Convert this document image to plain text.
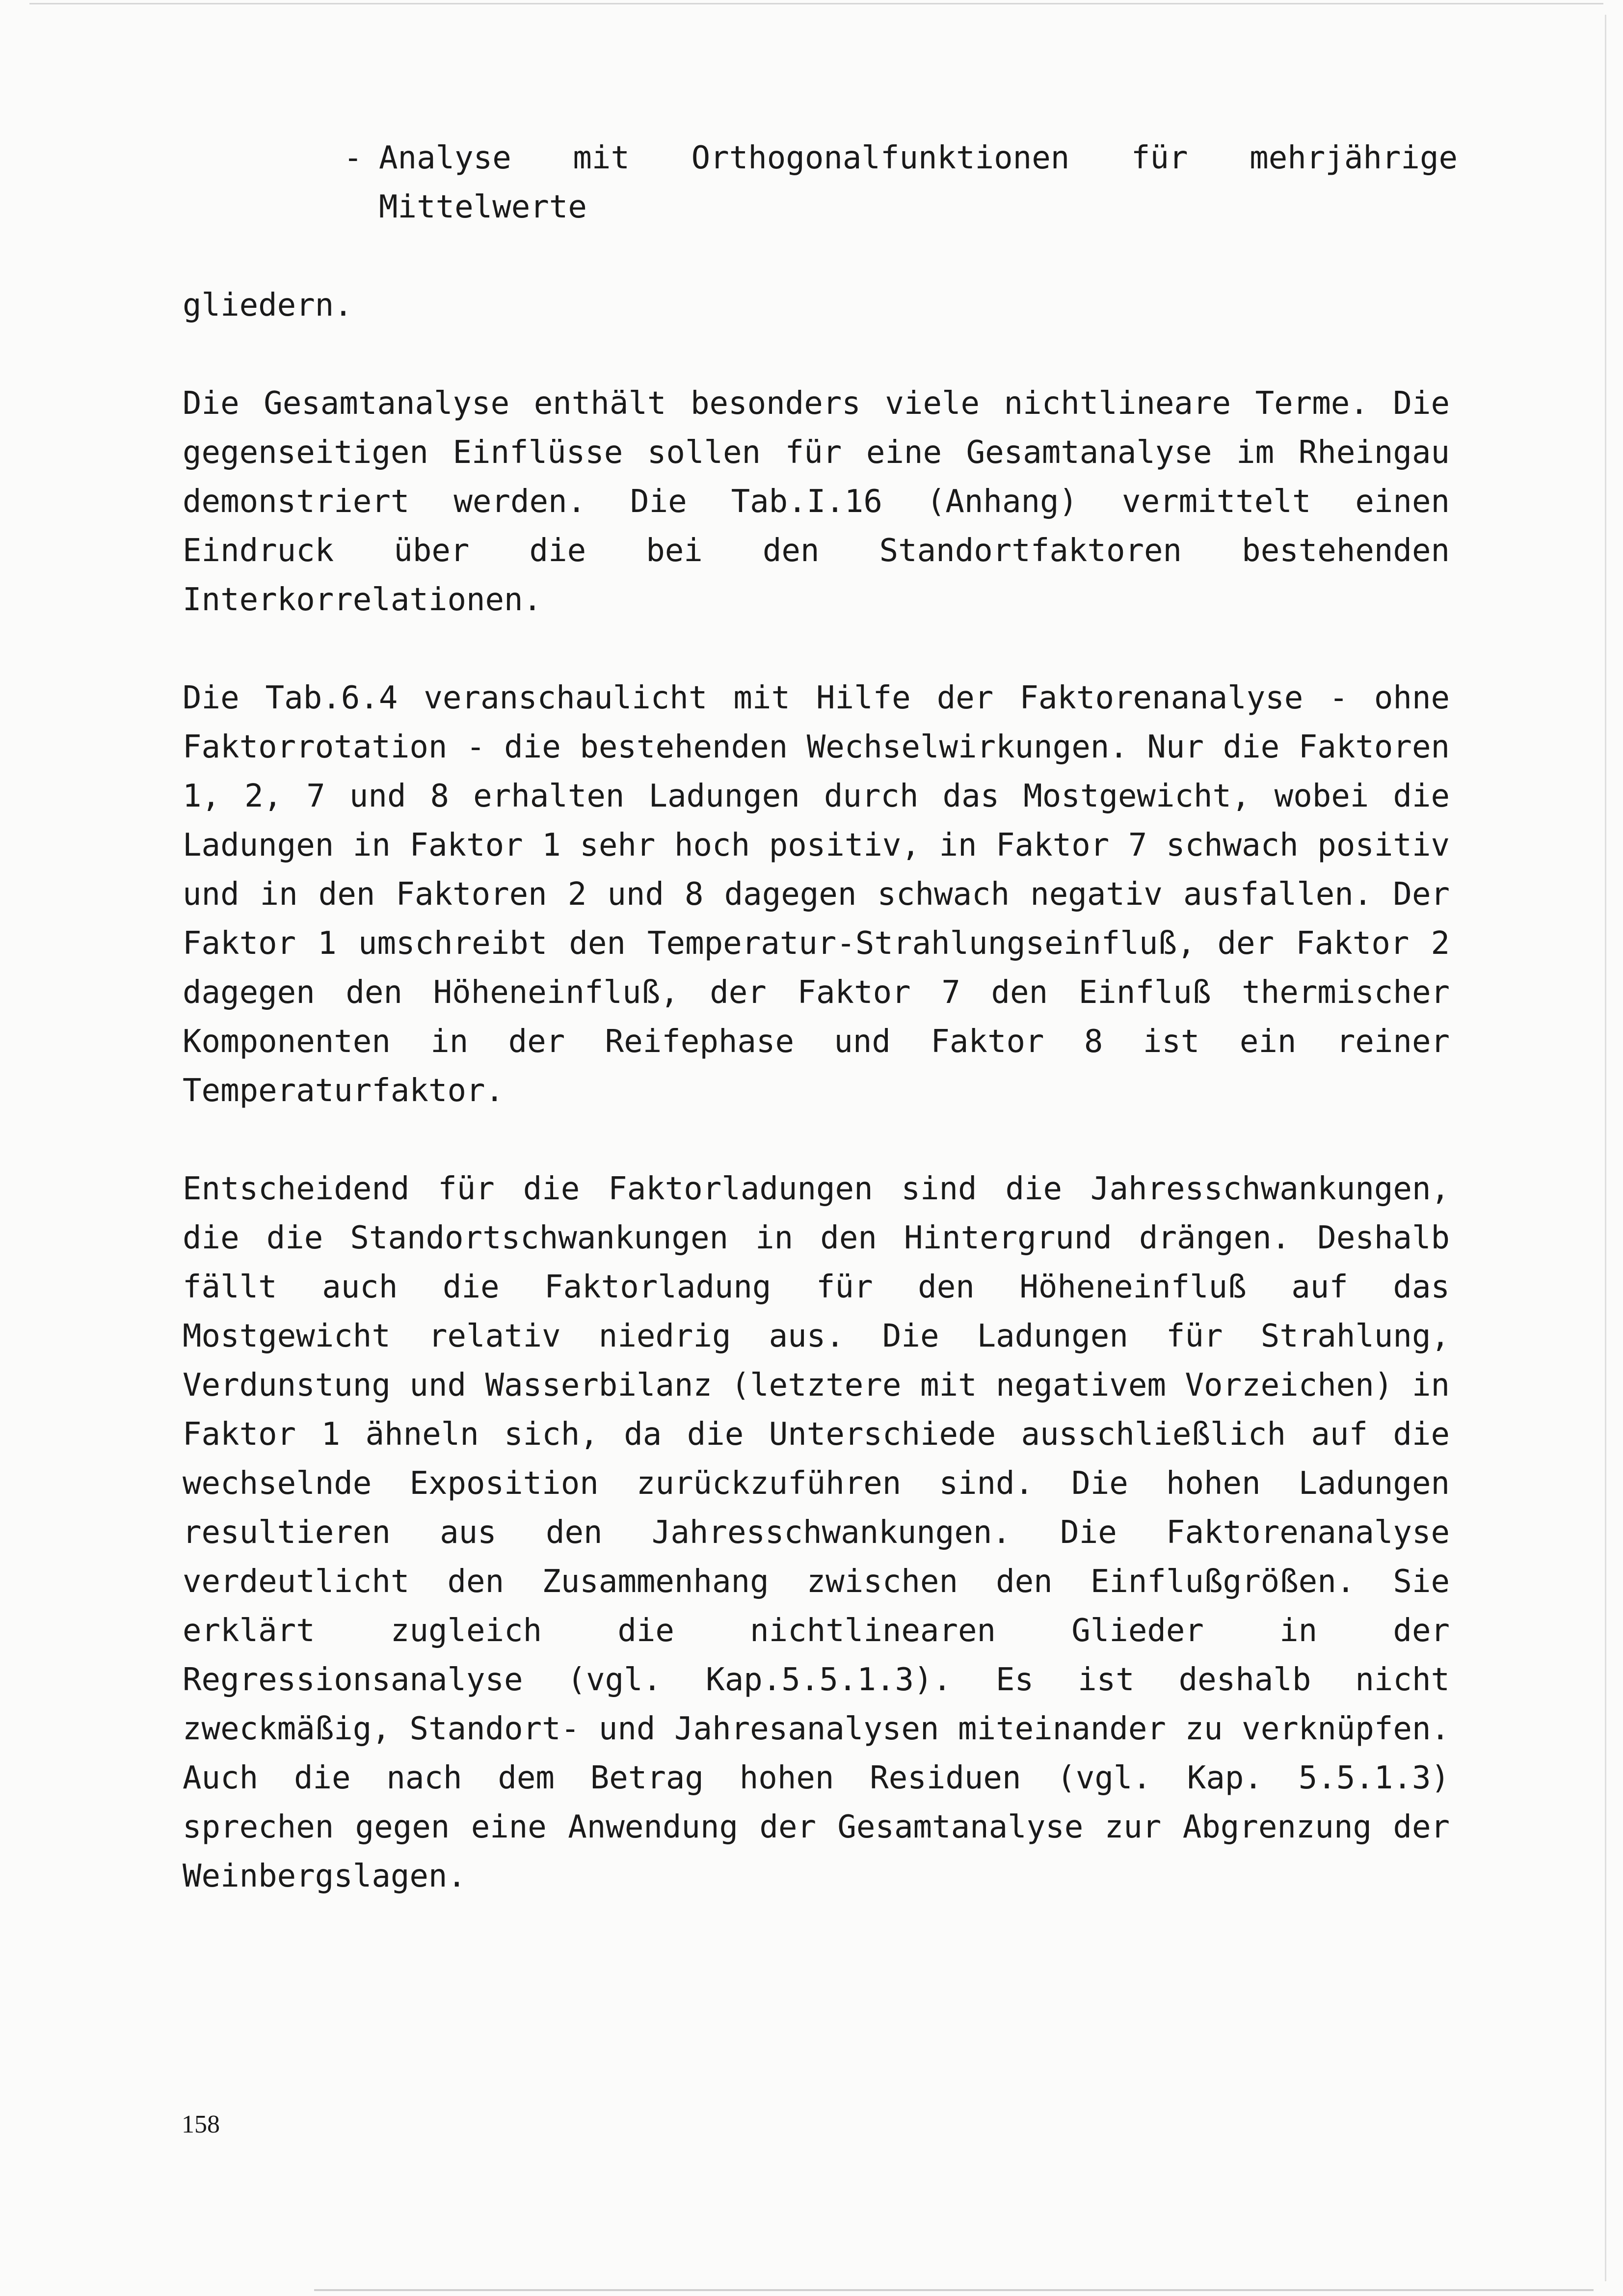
- Analyse mit Orthogonalfunktionen für mehrjährige
Mittelwerte

gliedern.

Die Gesamtanalyse enthält besonders viele nichtlineare Terme. Die gegenseitigen Einflüsse sollen für eine Gesamtanalyse im Rheingau demonstriert werden. Die Tab.I.16 (Anhang) vermittelt einen Eindruck über die bei den Standortfaktoren bestehenden Interkorrelationen.

Die Tab.6.4 veranschaulicht mit Hilfe der Faktorenanalyse - ohne Faktorrotation - die bestehenden Wechselwirkungen. Nur die Faktoren 1, 2, 7 und 8 erhalten Ladungen durch das Mostgewicht, wobei die Ladungen in Faktor 1 sehr hoch positiv, in Faktor 7 schwach positiv und in den Faktoren 2 und 8 dagegen schwach negativ ausfallen. Der Faktor 1 umschreibt den Temperatur-Strahlungseinfluß, der Faktor 2 dagegen den Höheneinfluß, der Faktor 7 den Einfluß thermischer Komponenten in der Reifephase und Faktor 8 ist ein reiner Temperaturfaktor.

Entscheidend für die Faktorladungen sind die Jahresschwankungen, die die Standortschwankungen in den Hintergrund drängen. Deshalb fällt auch die Faktorladung für den Höheneinfluß auf das Mostgewicht relativ niedrig aus. Die Ladungen für Strahlung, Verdunstung und Wasserbilanz (letztere mit negativem Vorzeichen) in Faktor 1 ähneln sich, da die Unterschiede ausschließlich auf die wechselnde Exposition zurückzuführen sind. Die hohen Ladungen resultieren aus den Jahresschwankungen. Die Faktorenanalyse verdeutlicht den Zusammenhang zwischen den Einflußgrößen. Sie erklärt zugleich die nichtlinearen Glieder in der Regressionsanalyse (vgl. Kap.5.5.1.3). Es ist deshalb nicht zweckmäßig, Standort- und Jahresanalysen miteinander zu verknüpfen. Auch die nach dem Betrag hohen Residuen (vgl. Kap. 5.5.1.3) sprechen gegen eine Anwendung der Gesamtanalyse zur Abgrenzung der Weinbergslagen.

158
